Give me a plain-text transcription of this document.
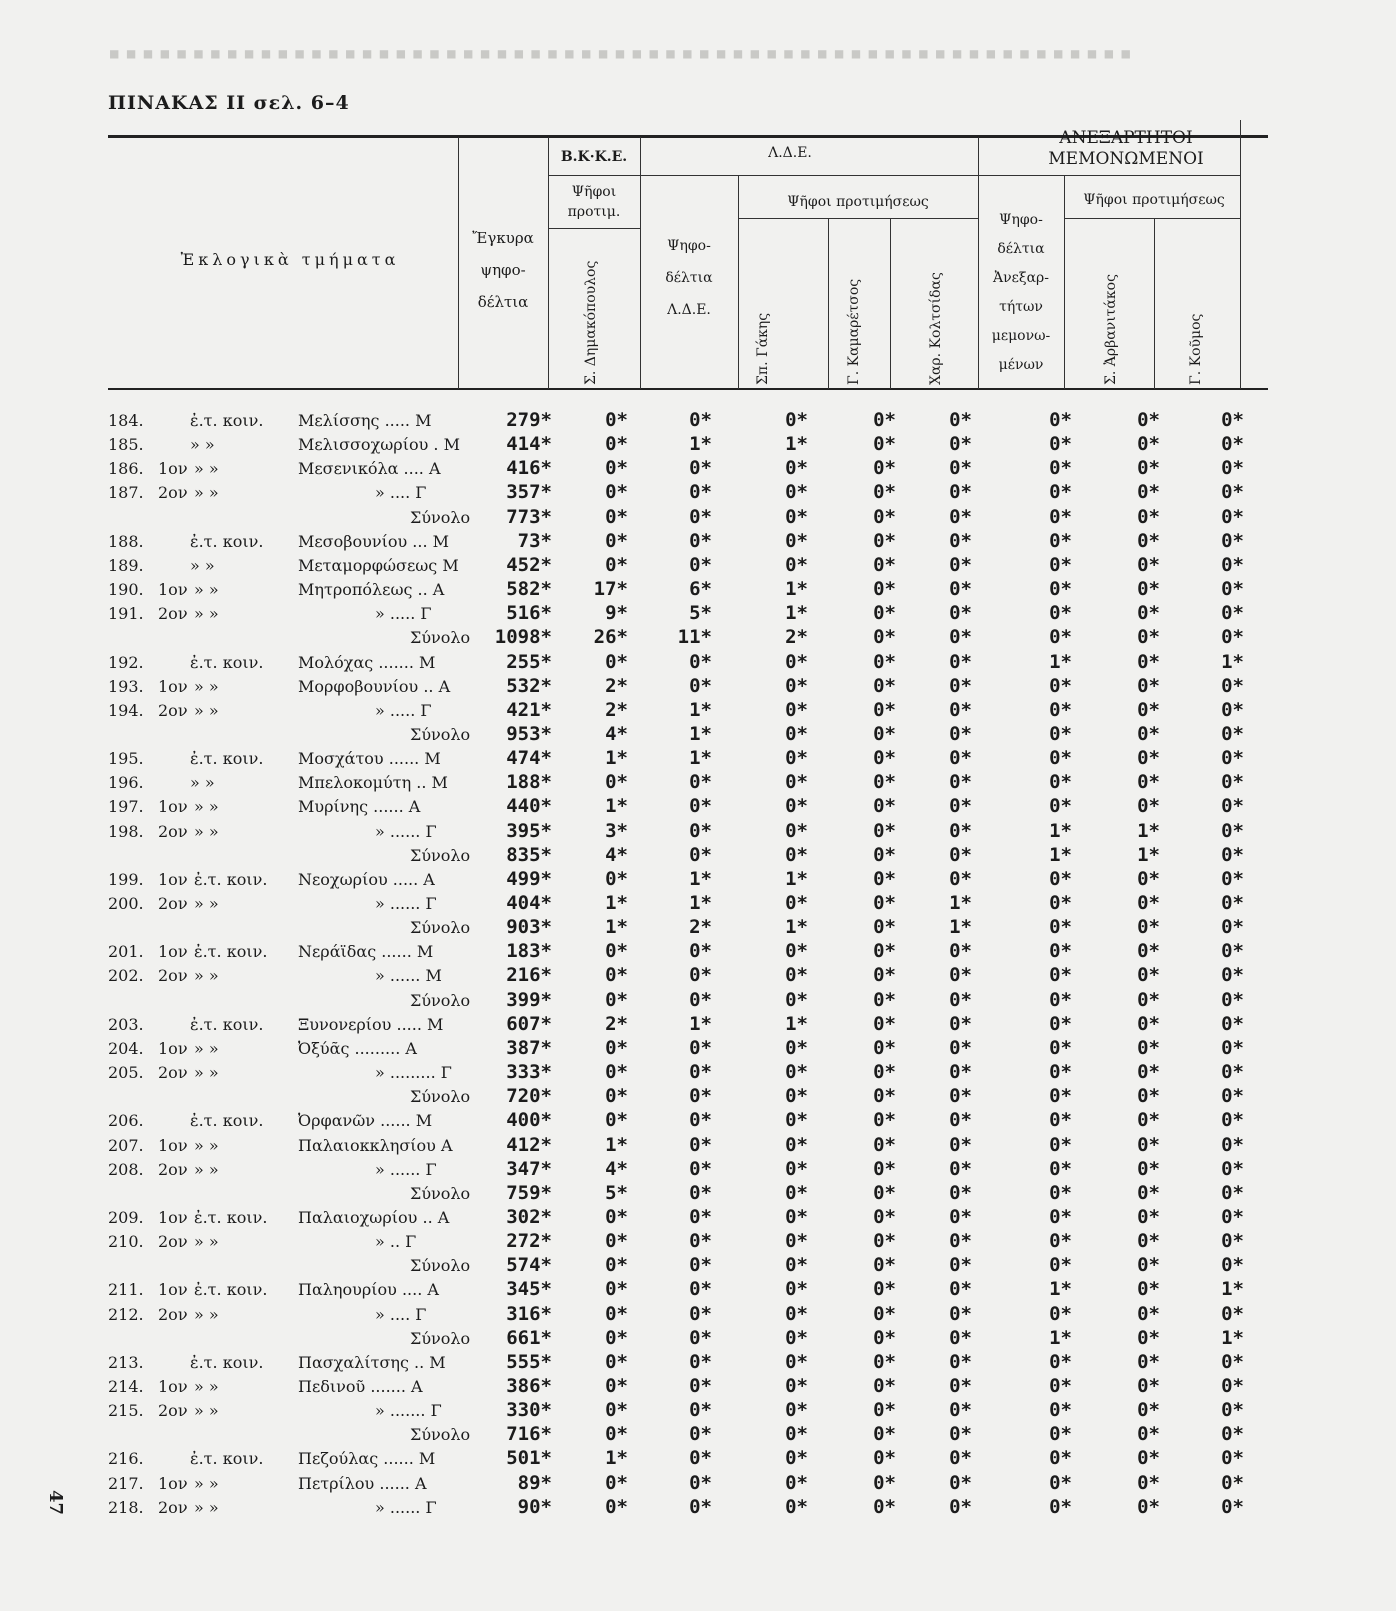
■ ■ ■ ■ ■ ■ ■ ■ ■ ■ ■ ■ ■ ■ ■ ■ ■ ■ ■ ■ ■ ■ ■ ■ ■ ■ ■ ■ ■ ■ ■ ■ ■ ■ ■ ■ ■ ■ ■ ■ ■ ■ ■ ■ ■ ■ ■ ■ ■ ■ ■ ■ ■ ■ ■ ■ ■ ■ ■ ■ ■
ΠΙΝΑΚΑΣ II σελ. 6–4
Ἐκλογικὰ τμήματα
Ἔγκυρα
ψηφο-
δέλτια
Β.Κ·Κ.Ε.
Ψῆφοι
προτιμ.
Σ. Δημακόπουλος
Λ.Δ.Ε.
Ψηφο-
δέλτια
Λ.Δ.Ε.
Ψῆφοι προτιμήσεως
Σπ. Γάκης	Γ. Καμαρέτσος	Χαρ. Κολτσίδας
ΑΝΕΞΑΡΤΗΤΟΙ
ΜΕΜΟΝΩΜΕΝΟΙ
Ψηφο-
δέλτια
Ἀνεξαρ-
τήτων
μεμονω-
μένων
Ψῆφοι προτιμήσεως
Σ. Ἀρβανιτάκος	Γ. Κοῦμος
184.	ἐ.τ. κοιν. Μελίσσης ..... Μ	279*	0*	0*	0*	0*	0*	0*	0*	0*
185.	» »	Μελισσοχωρίου . Μ 414*	0*	1*	1*	0*	0*	0*	0*	0*
186. 1ον » »	Μεσενικόλα .... Α	416*	0*	0*	0*	0*	0*	0*	0*	0*
187. 2ον » »	» .... Γ	357*	0*	0*	0*	0*	0*	0*	0*	0*
Σύνολο 773*	0*	0*	0*	0*	0*	0*	0*	0*
188.	ἐ.τ. κοιν. Μεσοβουνίου ... Μ	73*	0*	0*	0*	0*	0*	0*	0*	0*
189.	» »	Μεταμορφώσεως Μ	452*	0*	0*	0*	0*	0*	0*	0*	0*
190. 1ον » »	Μητροπόλεως .. Α	582* 17*	6*	1*	0*	0*	0*	0*	0*
191. 2ον » »	» ..... Γ	516*	9*	5*	1*	0*	0*	0*	0*	0*
Σύνολο 1098* 26*	11*	2*	0*	0*	0*	0*	0*
192.	ἐ.τ. κοιν. Μολόχας ....... Μ	255*	0*	0*	0*	0*	0*	1*	0*	1*
193. 1ον » »	Μορφοβουνίου .. Α	532*	2*	0*	0*	0*	0*	0*	0*	0*
194. 2ον » »	» ..... Γ	421*	2*	1*	0*	0*	0*	0*	0*	0*
Σύνολο 953*	4*	1*	0*	0*	0*	0*	0*	0*
195.	ἐ.τ. κοιν. Μοσχάτου ...... Μ	474*	1*	1*	0*	0*	0*	0*	0*	0*
196.	» »	Μπελοκομύτη .. Μ	188*	0*	0*	0*	0*	0*	0*	0*	0*
197. 1ον » »	Μυρίνης ...... Α	440*	1*	0*	0*	0*	0*	0*	0*	0*
198. 2ον » »	» ...... Γ	395*	3*	0*	0*	0*	0*	1*	1*	0*
Σύνολο 835*	4*	0*	0*	0*	0*	1*	1*	0*
199. 1ον ἐ.τ. κοιν. Νεοχωρίου ..... Α	499*	0*	1*	1*	0*	0*	0*	0*	0*
200. 2ον » »	» ...... Γ	404*	1*	1*	0*	0*	1*	0*	0*	0*
Σύνολο 903*	1*	2*	1*	0*	1*	0*	0*	0*
201. 1ον ἐ.τ. κοιν. Νεράϊδας ...... Μ	183*	0*	0*	0*	0*	0*	0*	0*	0*
202. 2ον » »	» ...... Μ	216*	0*	0*	0*	0*	0*	0*	0*	0*
Σύνολο 399*	0*	0*	0*	0*	0*	0*	0*	0*
203.	ἐ.τ. κοιν. Ξυνονερίου ..... Μ	607*	2*	1*	1*	0*	0*	0*	0*	0*
204. 1ον » »	Ὀξύᾶς ......... Α	387*	0*	0*	0*	0*	0*	0*	0*	0*
205. 2ον » »	» ......... Γ	333*	0*	0*	0*	0*	0*	0*	0*	0*
Σύνολο 720*	0*	0*	0*	0*	0*	0*	0*	0*
206.	ἐ.τ. κοιν. Ὀρφανῶν ...... Μ	400*	0*	0*	0*	0*	0*	0*	0*	0*
207. 1ον » »	Παλαιοκκλησίου Α	412*	1*	0*	0*	0*	0*	0*	0*	0*
208. 2ον » »	» ...... Γ	347*	4*	0*	0*	0*	0*	0*	0*	0*
Σύνολο 759*	5*	0*	0*	0*	0*	0*	0*	0*
209. 1ον ἐ.τ. κοιν. Παλαιοχωρίου .. Α	302*	0*	0*	0*	0*	0*	0*	0*	0*
210. 2ον » »	» .. Γ	272*	0*	0*	0*	0*	0*	0*	0*	0*
Σύνολο 574*	0*	0*	0*	0*	0*	0*	0*	0*
211. 1ον ἐ.τ. κοιν. Παληουρίου .... Α	345*	0*	0*	0*	0*	0*	1*	0*	1*
212. 2ον » »	» .... Γ	316*	0*	0*	0*	0*	0*	0*	0*	0*
Σύνολο 661*	0*	0*	0*	0*	0*	1*	0*	1*
213.	ἐ.τ. κοιν. Πασχαλίτσης .. Μ	555*	0*	0*	0*	0*	0*	0*	0*	0*
214. 1ον » »	Πεδινοῦ ....... Α	386*	0*	0*	0*	0*	0*	0*	0*	0*
215. 2ον » »	» ....... Γ	330*	0*	0*	0*	0*	0*	0*	0*	0*
Σύνολο 716*	0*	0*	0*	0*	0*	0*	0*	0*
216.	ἐ.τ. κοιν. Πεζούλας ...... Μ	501*	1*	0*	0*	0*	0*	0*	0*	0*
217. 1ον » »	Πετρίλου ...... Α	89*	0*	0*	0*	0*	0*	0*	0*	0*
218. 2ον » »	» ...... Γ	90*	0*	0*	0*	0*	0*	0*	0*	0*
47
